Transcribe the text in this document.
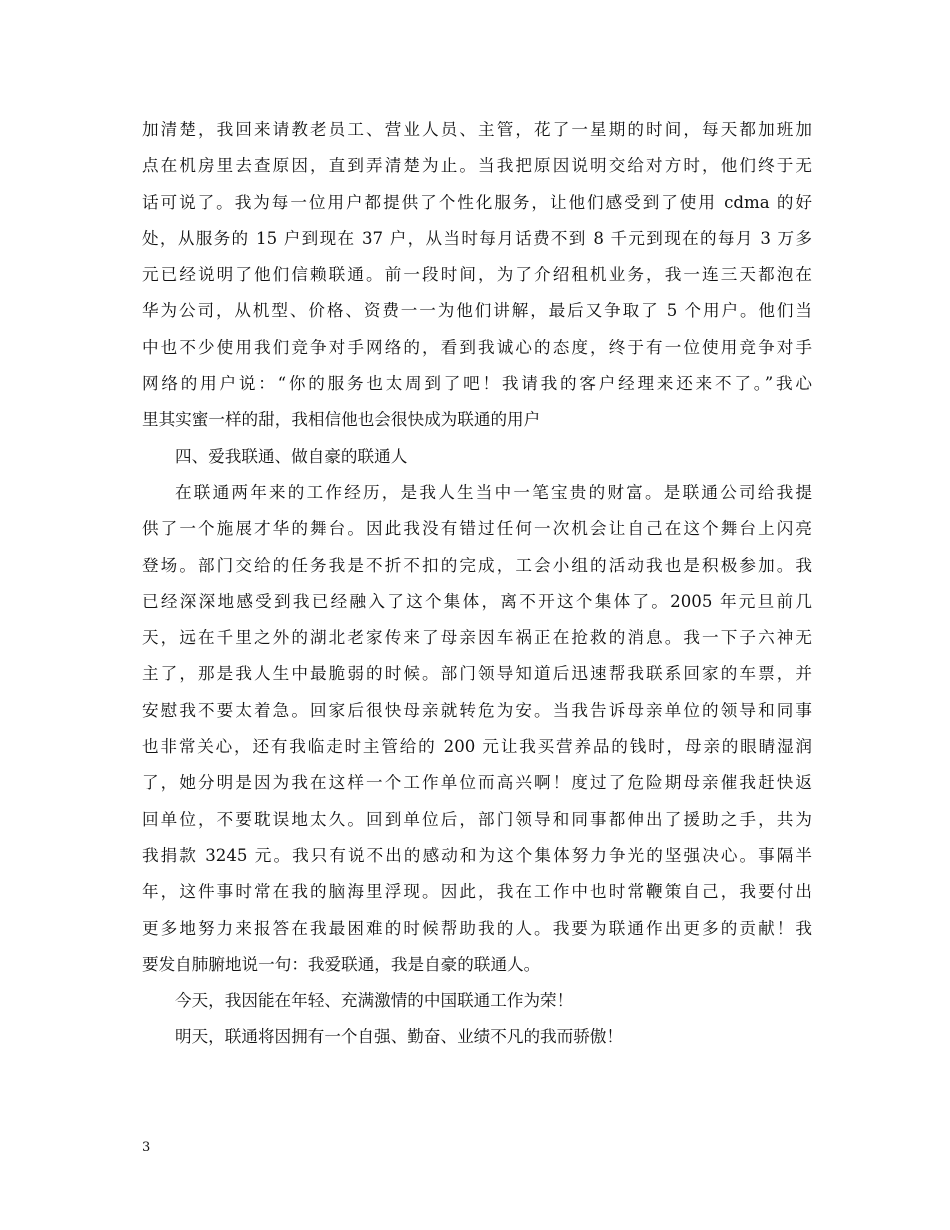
加清楚，我回来请教老员工、营业人员、主管，花了一星期的时间，每天都加班加
点在机房里去查原因，直到弄清楚为止。当我把原因说明交给对方时，他们终于无
话可说了。我为每一位用户都提供了个性化服务，让他们感受到了使用 cdma 的好
处，从服务的 15 户到现在 37 户，从当时每月话费不到 8 千元到现在的每月 3 万多
元已经说明了他们信赖联通。前一段时间，为了介绍租机业务，我一连三天都泡在
华为公司，从机型、价格、资费一一为他们讲解，最后又争取了 5 个用户。他们当
中也不少使用我们竞争对手网络的，看到我诚心的态度，终于有一位使用竞争对手
网络的用户说：“你的服务也太周到了吧！我请我的客户经理来还来不了。”我心
里其实蜜一样的甜，我相信他也会很快成为联通的用户
四、爱我联通、做自豪的联通人
在联通两年来的工作经历，是我人生当中一笔宝贵的财富。是联通公司给我提
供了一个施展才华的舞台。因此我没有错过任何一次机会让自己在这个舞台上闪亮
登场。部门交给的任务我是不折不扣的完成，工会小组的活动我也是积极参加。我
已经深深地感受到我已经融入了这个集体，离不开这个集体了。2005 年元旦前几
天，远在千里之外的湖北老家传来了母亲因车祸正在抢救的消息。我一下子六神无
主了，那是我人生中最脆弱的时候。部门领导知道后迅速帮我联系回家的车票，并
安慰我不要太着急。回家后很快母亲就转危为安。当我告诉母亲单位的领导和同事
也非常关心，还有我临走时主管给的 200 元让我买营养品的钱时，母亲的眼睛湿润
了，她分明是因为我在这样一个工作单位而高兴啊！度过了危险期母亲催我赶快返
回单位，不要耽误地太久。回到单位后，部门领导和同事都伸出了援助之手，共为
我捐款 3245 元。我只有说不出的感动和为这个集体努力争光的坚强决心。事隔半
年，这件事时常在我的脑海里浮现。因此，我在工作中也时常鞭策自己，我要付出
更多地努力来报答在我最困难的时候帮助我的人。我要为联通作出更多的贡献！我
要发自肺腑地说一句：我爱联通，我是自豪的联通人。
今天，我因能在年轻、充满激情的中国联通工作为荣！
明天，联通将因拥有一个自强、勤奋、业绩不凡的我而骄傲！
3
